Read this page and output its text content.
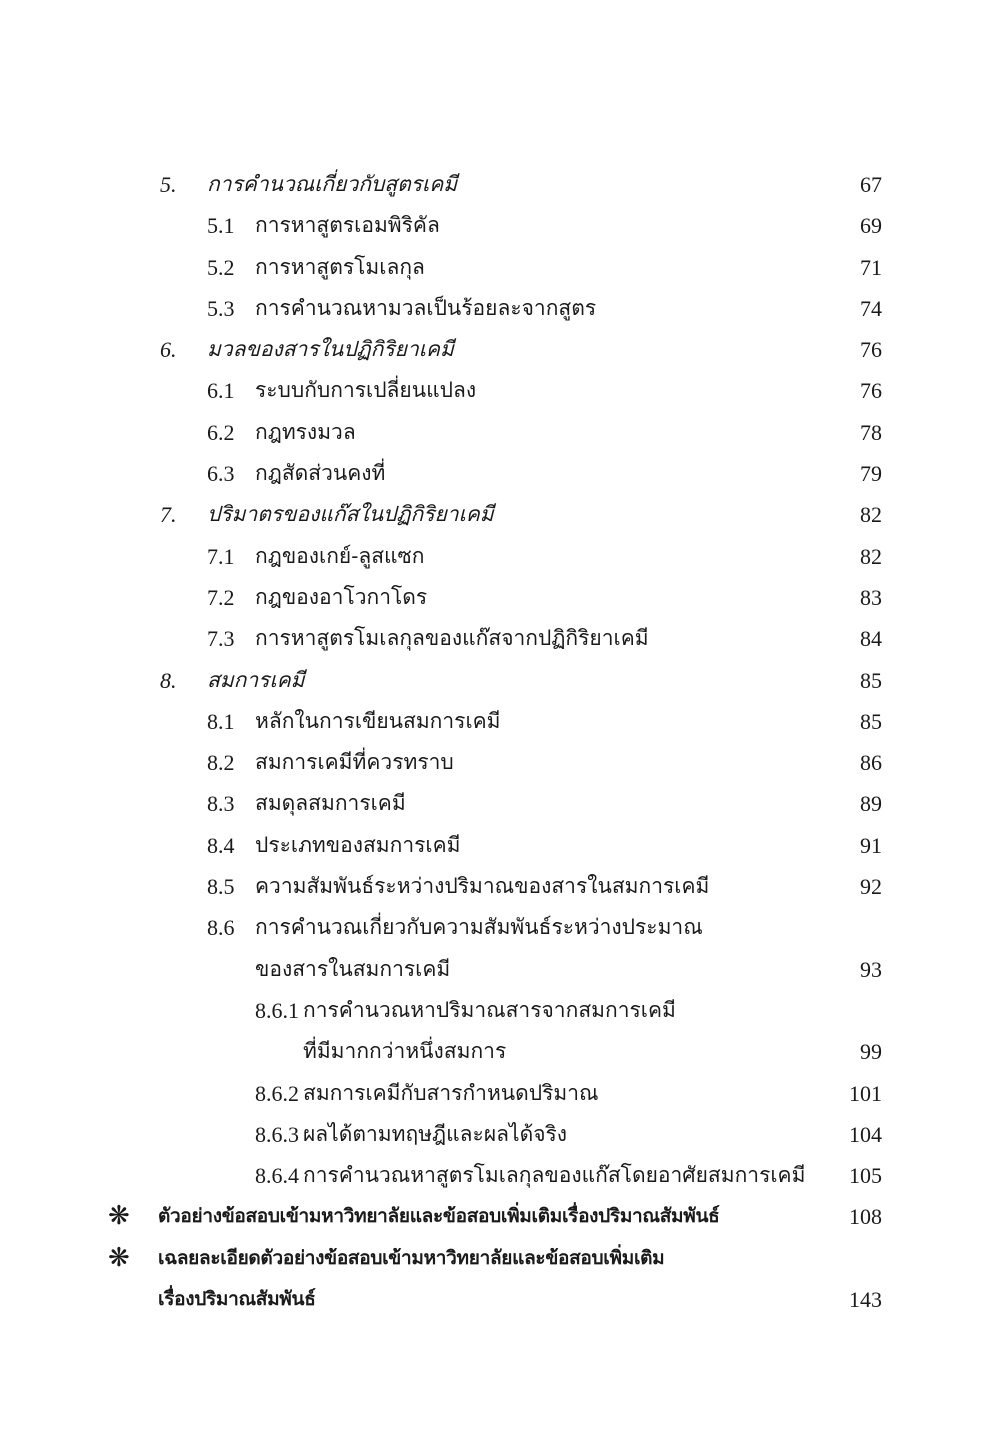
5. การคำนวณเกี่ยวกับสูตรเคมี	67
5.1 การหาสูตรเอมพิริคัล	69
5.2 การหาสูตรโมเลกุล	71
5.3 การคำนวณหามวลเป็นร้อยละจากสูตร	74
6. มวลของสารในปฏิกิริยาเคมี	76
6.1 ระบบกับการเปลี่ยนแปลง	76
6.2 กฎทรงมวล	78
6.3 กฎสัดส่วนคงที่	79
7. ปริมาตรของแก๊สในปฏิกิริยาเคมี	82
7.1 กฎของเกย์-ลูสแซก	82
7.2 กฎของอาโวกาโดร	83
7.3 การหาสูตรโมเลกุลของแก๊สจากปฏิกิริยาเคมี	84
8. สมการเคมี	85
8.1 หลักในการเขียนสมการเคมี	85
8.2 สมการเคมีที่ควรทราบ	86
8.3 สมดุลสมการเคมี	89
8.4 ประเภทของสมการเคมี	91
8.5 ความสัมพันธ์ระหว่างปริมาณของสารในสมการเคมี	92
8.6 การคำนวณเกี่ยวกับความสัมพันธ์ระหว่างประมาณ
ของสารในสมการเคมี	93
8.6.1 การคำนวณหาปริมาณสารจากสมการเคมี
ที่มีมากกว่าหนึ่งสมการ	99
8.6.2 สมการเคมีกับสารกำหนดปริมาณ	101
8.6.3 ผลได้ตามทฤษฎีและผลได้จริง	104
8.6.4 การคำนวณหาสูตรโมเลกุลของแก๊สโดยอาศัยสมการเคมี 105
❋ ตัวอย่างข้อสอบเข้ามหาวิทยาลัยและข้อสอบเพิ่มเติมเรื่องปริมาณสัมพันธ์	108
❋ เฉลยละเอียดตัวอย่างข้อสอบเข้ามหาวิทยาลัยและข้อสอบเพิ่มเติม
เรื่องปริมาณสัมพันธ์	143
